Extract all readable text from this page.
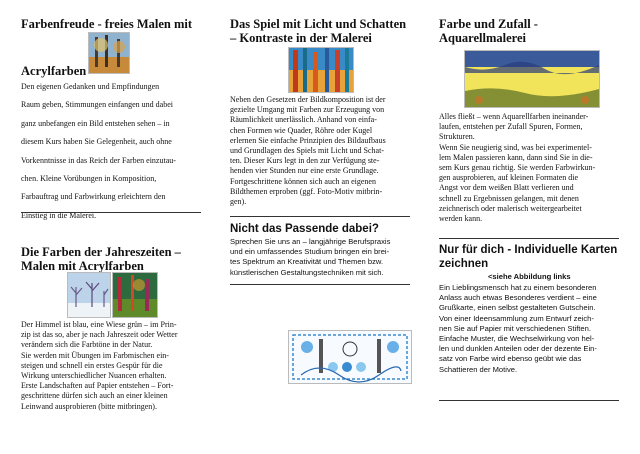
Farbenfreude - freies Malen mit
Acrylfarben

Den eigenen Gedanken und Empfindungen
Raum geben, Stimmungen einfangen und dabei
ganz unbefangen ein Bild entstehen sehen – in
diesem Kurs haben Sie Gelegenheit, auch ohne
Vorkenntnisse in das Reich der Farben einzutau-
chen. Kleine Vorübungen in Komposition,
Farbauftrag und Farbwirkung erleichtern den
Einstieg in die Malerei.

Die Farben der Jahreszeiten –Malen mit Acrylfarben

Der Himmel ist blau, eine Wiese grün – im Prin-
zip ist das so, aber je nach Jahreszeit oder Wetter
verändern sich die Farbtöne in der Natur.
Sie werden mit Übungen im Farbmischen ein-
steigen und schnell ein erstes Gespür für die
Wirkung unterschiedlicher Nuancen erhalten.
Erste Landschaften auf Papier entstehen – Fort-
geschrittene dürfen sich auch an einer kleinen
Leinwand ausprobieren (bitte mitbringen).

Das Spiel mit Licht und Schatten – Kontraste in der Malerei

Neben den Gesetzen der Bildkomposition ist der
gezielte Umgang mit Farben zur Erzeugung von
Räumlichkeit unerlässlich. Anhand von einfa-
chen Formen wie Quader, Röhre oder Kugel
erlernen Sie einfache Prinzipien des Bildaufbaus
und Grundlagen des Spiels mit Licht und Schat-
ten. Dieser Kurs legt in den zur Verfügung ste-
henden vier Stunden nur eine erste Grundlage.
Fortgeschrittene können sich auch an eigenen
Bildthemen erproben (ggf. Foto-Motiv mitbrin-
gen).

Nicht das Passende dabei?

Sprechen Sie uns an – langjährige Berufspraxis
und ein umfassendes Studium bringen ein brei-
tes Spektrum an Kreativität und Themen bzw.
künstlerischen Gestaltungstechniken mit sich.

Farbe und Zufall - Aquarellmalerei

Alles fließt – wenn Aquarellfarben ineinander-
laufen, entstehen per Zufall Spuren, Formen,
Strukturen.
Wenn Sie neugierig sind, was bei experimentel-
lem Malen passieren kann, dann sind Sie in die-
sem Kurs genau richtig. Sie werden Farbwirkun-
gen ausprobieren, auf kleinen Formaten die
Angst vor dem weißen Blatt verlieren und
schnell zu Ergebnissen gelangen, mit denen
zeichnerisch oder malerisch weitergearbeitet
werden kann.

Nur für dich - Individuelle Karten zeichnen
<siehe Abbildung links

Ein Lieblingsmensch hat zu einem besonderen
Anlass auch etwas Besonderes verdient – eine
Grußkarte, einen selbst gestalteten Gutschein.
Von einer Ideensammlung zum Entwurf zeich-
nen Sie auf Papier mit verschiedenen Stiften.
Einfache Muster, die Wechselwirkung von hel-
len und dunklen Anteilen oder der dezente Ein-
satz von Farbe wird ebenso geübt wie das
Schattieren der Motive.
